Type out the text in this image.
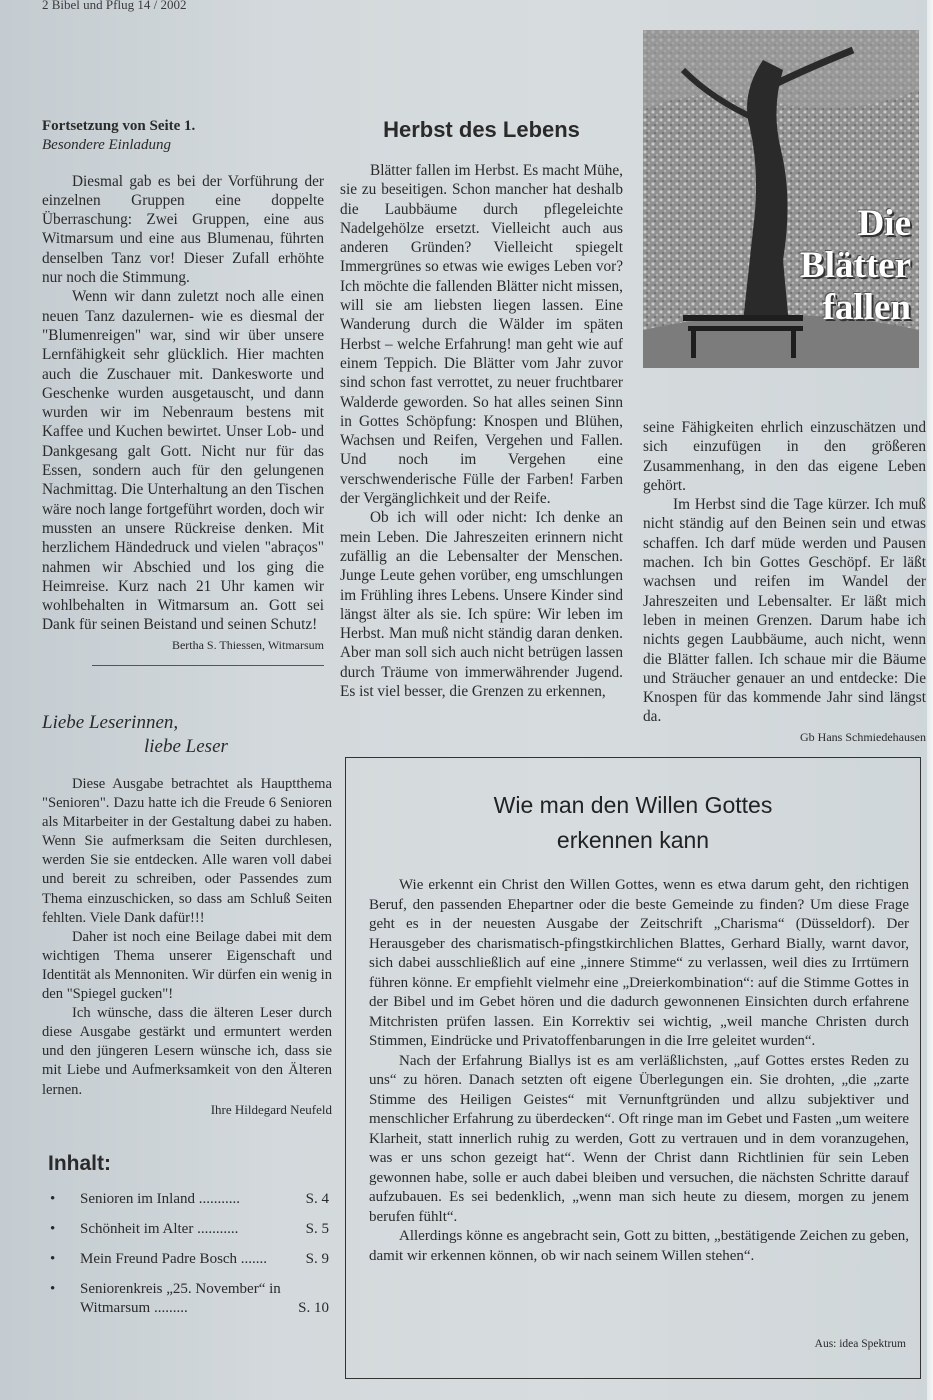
2 Bibel und Pflug 14 / 2002
Fortsetzung von Seite 1.
Besondere Einladung

Diesmal gab es bei der Vorführung der einzelnen Gruppen eine doppelte Überraschung: Zwei Gruppen, eine aus Witmarsum und eine aus Blumenau, führten denselben Tanz vor! Dieser Zufall erhöhte nur noch die Stimmung.

Wenn wir dann zuletzt noch alle einen neuen Tanz dazulernen- wie es diesmal der "Blumenreigen" war, sind wir über unsere Lernfähigkeit sehr glücklich. Hier machten auch die Zuschauer mit. Dankesworte und Geschenke wurden ausgetauscht, und dann wurden wir im Nebenraum bestens mit Kaffee und Kuchen bewirtet. Unser Lob- und Dankgesang galt Gott. Nicht nur für das Essen, sondern auch für den gelungenen Nachmittag. Die Unterhaltung an den Tischen wäre noch lange fortgeführt worden, doch wir mussten an unsere Rückreise denken. Mit herzlichem Händedruck und vielen "abraços" nahmen wir Abschied und los ging die Heimreise. Kurz nach 21 Uhr kamen wir wohlbehalten in Witmarsum an. Gott sei Dank für seinen Beistand und seinen Schutz!

Bertha S. Thiessen, Witmarsum
Liebe Leserinnen,
liebe Leser

Diese Ausgabe betrachtet als Hauptthema "Senioren". Dazu hatte ich die Freude 6 Senioren als Mitarbeiter in der Gestaltung dabei zu haben. Wenn Sie aufmerksam die Seiten durchlesen, werden Sie sie entdecken. Alle waren voll dabei und bereit zu schreiben, oder Passendes zum Thema einzuschicken, so dass am Schluß Seiten fehlten. Viele Dank dafür!!!

Daher ist noch eine Beilage dabei mit dem wichtigen Thema unserer Eigenschaft und Identität als Mennoniten. Wir dürfen ein wenig in den "Spiegel gucken"!

Ich wünsche, dass die älteren Leser durch diese Ausgabe gestärkt und ermuntert werden und den jüngeren Lesern wünsche ich, dass sie mit Liebe und Aufmerksamkeit von den Älteren lernen.

Ihre Hildegard Neufeld
Inhalt:
• Senioren im Inland ...........	S. 4
• Schönheit im Alter ...........	S. 5
• Mein Freund Padre Bosch .......	S. 9
• Seniorenkreis „25. November“ in Witmarsum .........	S. 10
Herbst des Lebens

Blätter fallen im Herbst. Es macht Mühe, sie zu beseitigen. Schon mancher hat deshalb die Laubbäume durch pflegeleichte Nadelgehölze ersetzt. Vielleicht auch aus anderen Gründen? Vielleicht spiegelt Immergrünes so etwas wie ewiges Leben vor? Ich möchte die fallenden Blätter nicht missen, will sie am liebsten liegen lassen. Eine Wanderung durch die Wälder im späten Herbst – welche Erfahrung! man geht wie auf einem Teppich. Die Blätter vom Jahr zuvor sind schon fast verrottet, zu neuer fruchtbarer Walderde geworden. So hat alles seinen Sinn in Gottes Schöpfung: Knospen und Blühen, Wachsen und Reifen, Vergehen und Fallen. Und noch im Vergehen eine verschwenderische Fülle der Farben! Farben der Vergänglichkeit und der Reife.

Ob ich will oder nicht: Ich denke an mein Leben. Die Jahreszeiten erinnern nicht zufällig an die Lebensalter der Menschen. Junge Leute gehen vorüber, eng umschlungen im Frühling ihres Lebens. Unsere Kinder sind längst älter als sie. Ich spüre: Wir leben im Herbst. Man muß nicht ständig daran denken. Aber man soll sich auch nicht betrügen lassen durch Träume von immerwährender Jugend. Es ist viel besser, die Grenzen zu erkennen,

Die
Blätter
fallen

seine Fähigkeiten ehrlich einzuschätzen und sich einzufügen in den größeren Zusammenhang, in den das eigene Leben gehört.

Im Herbst sind die Tage kürzer. Ich muß nicht ständig auf den Beinen sein und etwas schaffen. Ich darf müde werden und Pausen machen. Ich bin Gottes Geschöpf. Er läßt wachsen und reifen im Wandel der Jahreszeiten und Lebensalter. Er läßt mich leben in meinen Grenzen. Darum habe ich nichts gegen Laubbäume, auch nicht, wenn die Blätter fallen. Ich schaue mir die Bäume und Sträucher genauer an und entdecke: Die Knospen für das kommende Jahr sind längst da.

Gb Hans Schmiedehausen
Wie man den Willen Gottes
erkennen kann

Wie erkennt ein Christ den Willen Gottes, wenn es etwa darum geht, den richtigen Beruf, den passenden Ehepartner oder die beste Gemeinde zu finden? Um diese Frage geht es in der neuesten Ausgabe der Zeitschrift „Charisma“ (Düsseldorf). Der Herausgeber des charismatisch-pfingstkirchlichen Blattes, Gerhard Bially, warnt davor, sich dabei ausschließlich auf eine „innere Stimme“ zu verlassen, weil dies zu Irrtümern führen könne. Er empfiehlt vielmehr eine „Dreierkombination“: auf die Stimme Gottes in der Bibel und im Gebet hören und die dadurch gewonnenen Einsichten durch erfahrene Mitchristen prüfen lassen. Ein Korrektiv sei wichtig, „weil manche Christen durch Stimmen, Eindrücke und Privatoffenbarungen in die Irre geleitet wurden“.

Nach der Erfahrung Biallys ist es am verläßlichsten, „auf Gottes erstes Reden zu uns“ zu hören. Danach setzten oft eigene Überlegungen ein. Sie drohten, „die „zarte Stimme des Heiligen Geistes“ mit Vernunftgründen und allzu subjektiver und menschlicher Erfahrung zu überdecken“. Oft ringe man im Gebet und Fasten „um weitere Klarheit, statt innerlich ruhig zu werden, Gott zu vertrauen und in dem voranzugehen, was er uns schon gezeigt hat“. Wenn der Christ dann Richtlinien für sein Leben gewonnen habe, solle er auch dabei bleiben und versuchen, die nächsten Schritte darauf aufzubauen. Es sei bedenklich, „wenn man sich heute zu diesem, morgen zu jenem berufen fühlt“.

Allerdings könne es angebracht sein, Gott zu bitten, „bestätigende Zeichen zu geben, damit wir erkennen können, ob wir nach seinem Willen stehen“.

Aus: idea Spektrum
